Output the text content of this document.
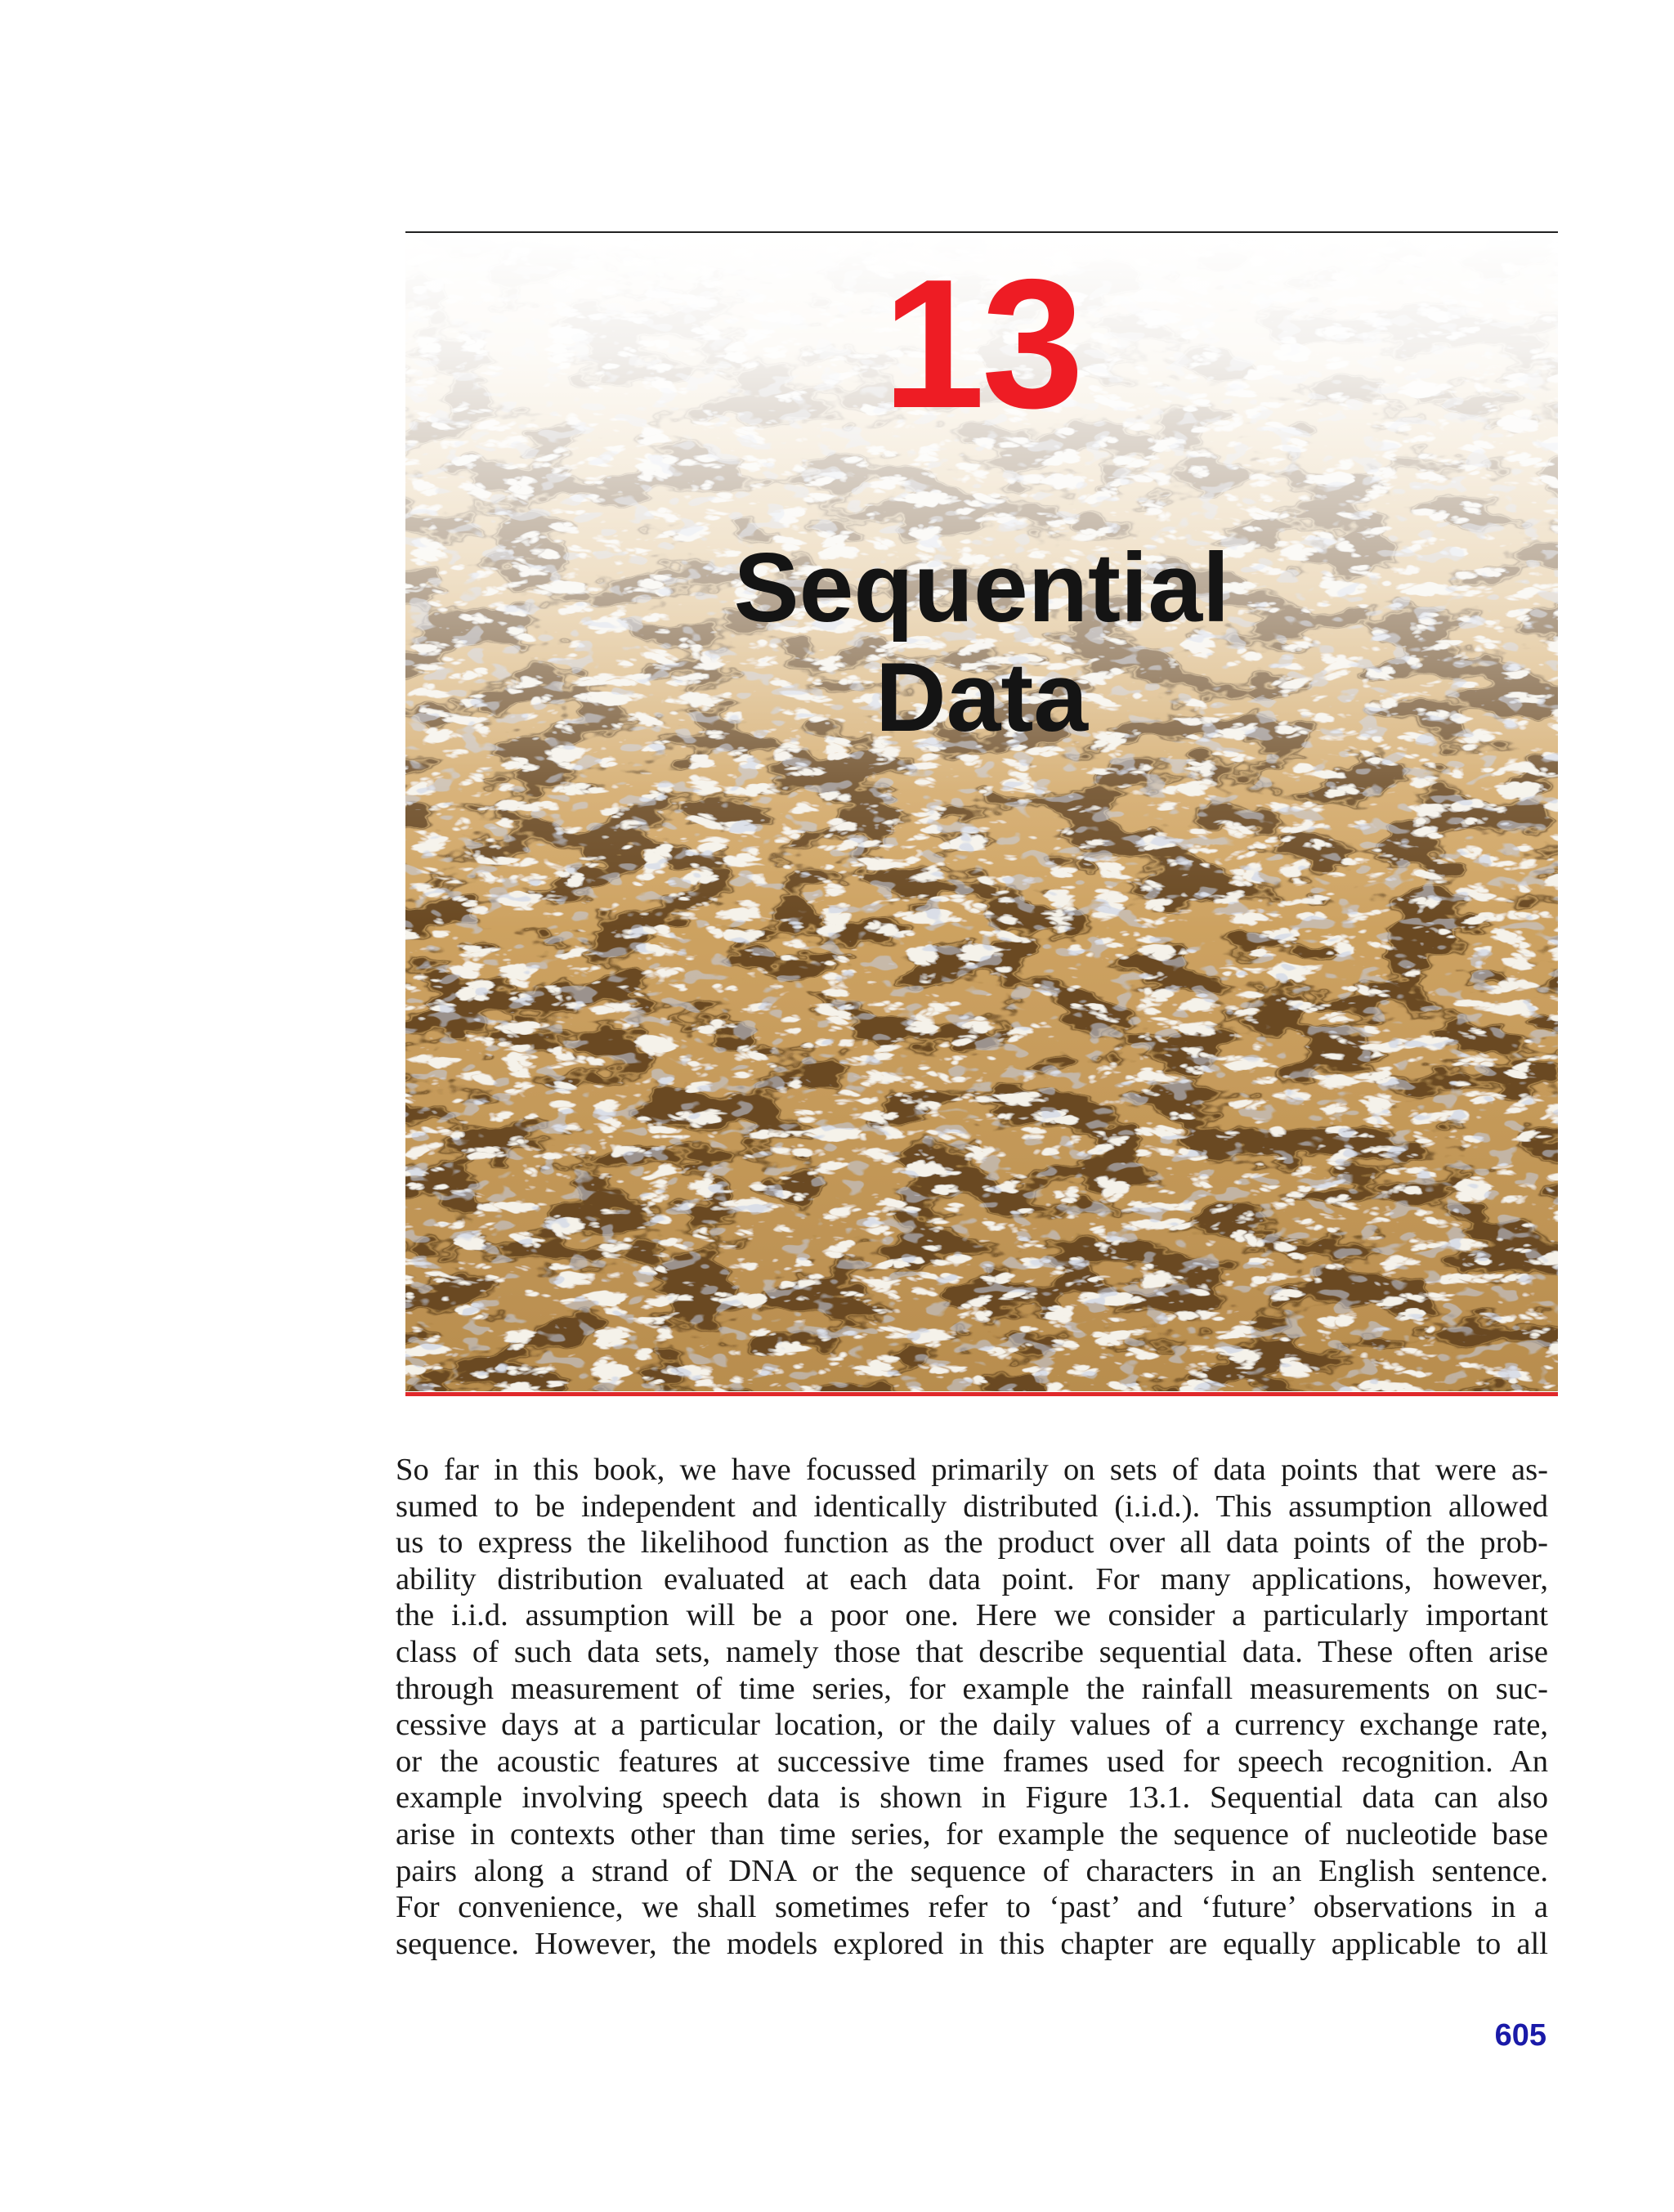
13
Sequential
Data
So far in this book, we have focussed primarily on sets of data points that were as-
sumed to be independent and identically distributed (i.i.d.). This assumption allowed
us to express the likelihood function as the product over all data points of the prob-
ability distribution evaluated at each data point. For many applications, however,
the i.i.d. assumption will be a poor one. Here we consider a particularly important
class of such data sets, namely those that describe sequential data. These often arise
through measurement of time series, for example the rainfall measurements on suc-
cessive days at a particular location, or the daily values of a currency exchange rate,
or the acoustic features at successive time frames used for speech recognition. An
example involving speech data is shown in Figure 13.1. Sequential data can also
arise in contexts other than time series, for example the sequence of nucleotide base
pairs along a strand of DNA or the sequence of characters in an English sentence.
For convenience, we shall sometimes refer to ‘past’ and ‘future’ observations in a
sequence. However, the models explored in this chapter are equally applicable to all
605
